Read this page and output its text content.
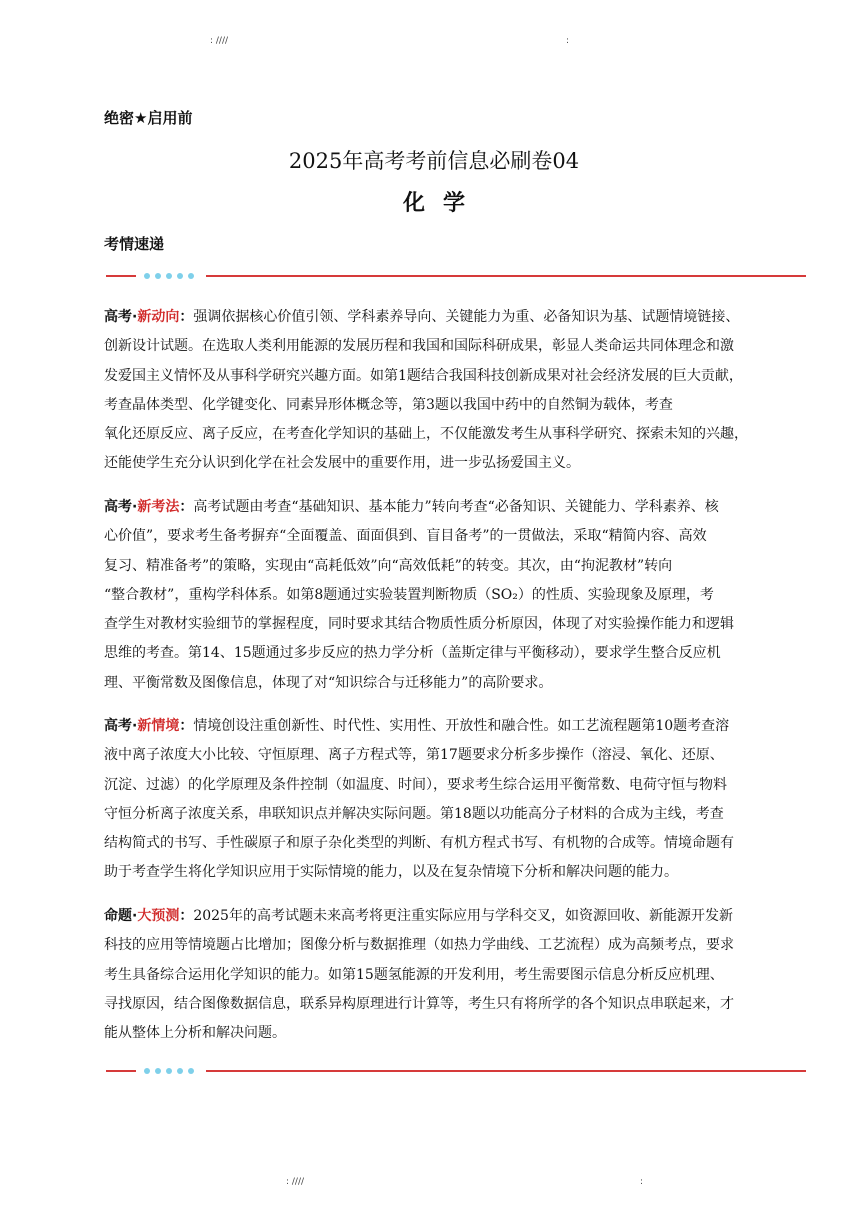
: ////	:
绝密★启用前
2025年高考考前信息必刷卷04
化学
考情速递
高考·新动向：强调依据核心价值引领、学科素养导向、关键能力为重、必备知识为基、试题情境链接、
创新设计试题。在选取人类利用能源的发展历程和我国和国际科研成果，彰显人类命运共同体理念和激
发爱国主义情怀及从事科学研究兴趣方面。如第1题结合我国科技创新成果对社会经济发展的巨大贡献，
考查晶体类型、化学键变化、同素异形体概念等，第3题以我国中药中的自然铜为载体，考查
氧化还原反应、离子反应，在考查化学知识的基础上，不仅能激发考生从事科学研究、探索未知的兴趣，
还能使学生充分认识到化学在社会发展中的重要作用，进一步弘扬爱国主义。
高考·新考法：高考试题由考查“基础知识、基本能力”转向考查“必备知识、关键能力、学科素养、核
心价值”，要求考生备考摒弃“全面覆盖、面面俱到、盲目备考”的一贯做法，采取“精简内容、高效
复习、精准备考”的策略，实现由“高耗低效”向“高效低耗”的转变。其次，由“拘泥教材”转向
“整合教材”，重构学科体系。如第8题通过实验装置判断物质（SO₂）的性质、实验现象及原理，考
查学生对教材实验细节的掌握程度，同时要求其结合物质性质分析原因，体现了对实验操作能力和逻辑
思维的考查。第14、15题通过多步反应的热力学分析（盖斯定律与平衡移动），要求学生整合反应机
理、平衡常数及图像信息，体现了对“知识综合与迁移能力”的高阶要求。
高考·新情境：情境创设注重创新性、时代性、实用性、开放性和融合性。如工艺流程题第10题考查溶
液中离子浓度大小比较、守恒原理、离子方程式等，第17题要求分析多步操作（溶浸、氧化、还原、
沉淀、过滤）的化学原理及条件控制（如温度、时间），要求考生综合运用平衡常数、电荷守恒与物料
守恒分析离子浓度关系，串联知识点并解决实际问题。第18题以功能高分子材料的合成为主线，考查
结构简式的书写、手性碳原子和原子杂化类型的判断、有机方程式书写、有机物的合成等。情境命题有
助于考查学生将化学知识应用于实际情境的能力，以及在复杂情境下分析和解决问题的能力。
命题·大预测：2025年的高考试题未来高考将更注重实际应用与学科交叉，如资源回收、新能源开发新
科技的应用等情境题占比增加；图像分析与数据推理（如热力学曲线、工艺流程）成为高频考点，要求
考生具备综合运用化学知识的能力。如第15题氢能源的开发利用，考生需要图示信息分析反应机理、
寻找原因，结合图像数据信息，联系异构原理进行计算等，考生只有将所学的各个知识点串联起来，才
能从整体上分析和解决问题。
: ////	:
